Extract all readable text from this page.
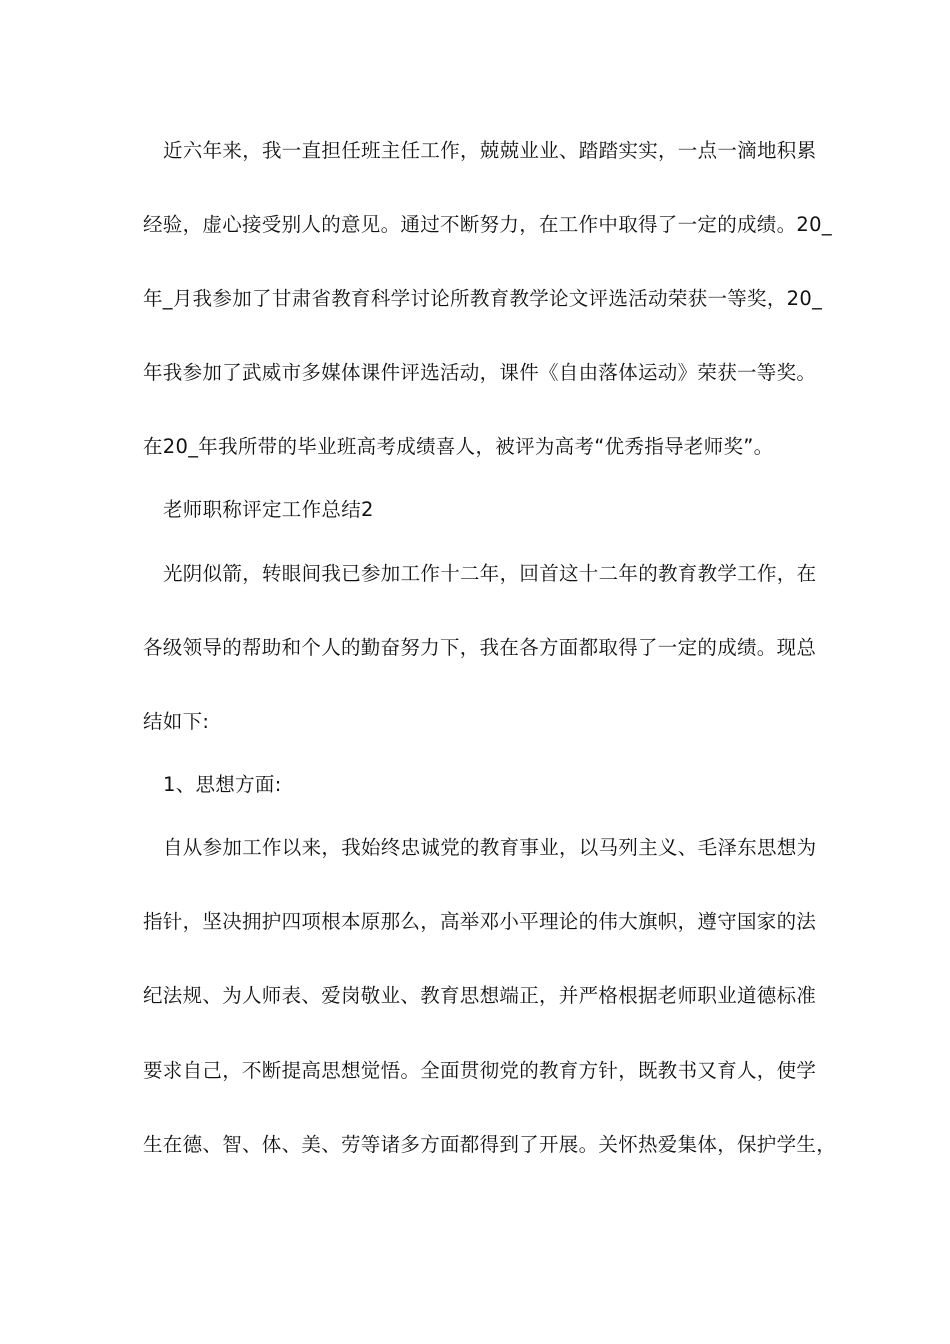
近六年来，我一直担任班主任工作，兢兢业业、踏踏实实，一点一滴地积累
经验，虚心接受别人的意见。通过不断努力，在工作中取得了一定的成绩。20_
年_月我参加了甘肃省教育科学讨论所教育教学论文评选活动荣获一等奖，20_
年我参加了武威市多媒体课件评选活动，课件《自由落体运动》荣获一等奖。
在20_年我所带的毕业班高考成绩喜人，被评为高考“优秀指导老师奖”。
老师职称评定工作总结2
光阴似箭，转眼间我已参加工作十二年，回首这十二年的教育教学工作，在
各级领导的帮助和个人的勤奋努力下，我在各方面都取得了一定的成绩。现总
结如下:
1、思想方面:
自从参加工作以来，我始终忠诚党的教育事业，以马列主义、毛泽东思想为
指针，坚决拥护四项根本原那么，高举邓小平理论的伟大旗帜，遵守国家的法
纪法规、为人师表、爱岗敬业、教育思想端正，并严格根据老师职业道德标准
要求自己，不断提高思想觉悟。全面贯彻党的教育方针，既教书又育人，使学
生在德、智、体、美、劳等诸多方面都得到了开展。关怀热爱集体，保护学生，
